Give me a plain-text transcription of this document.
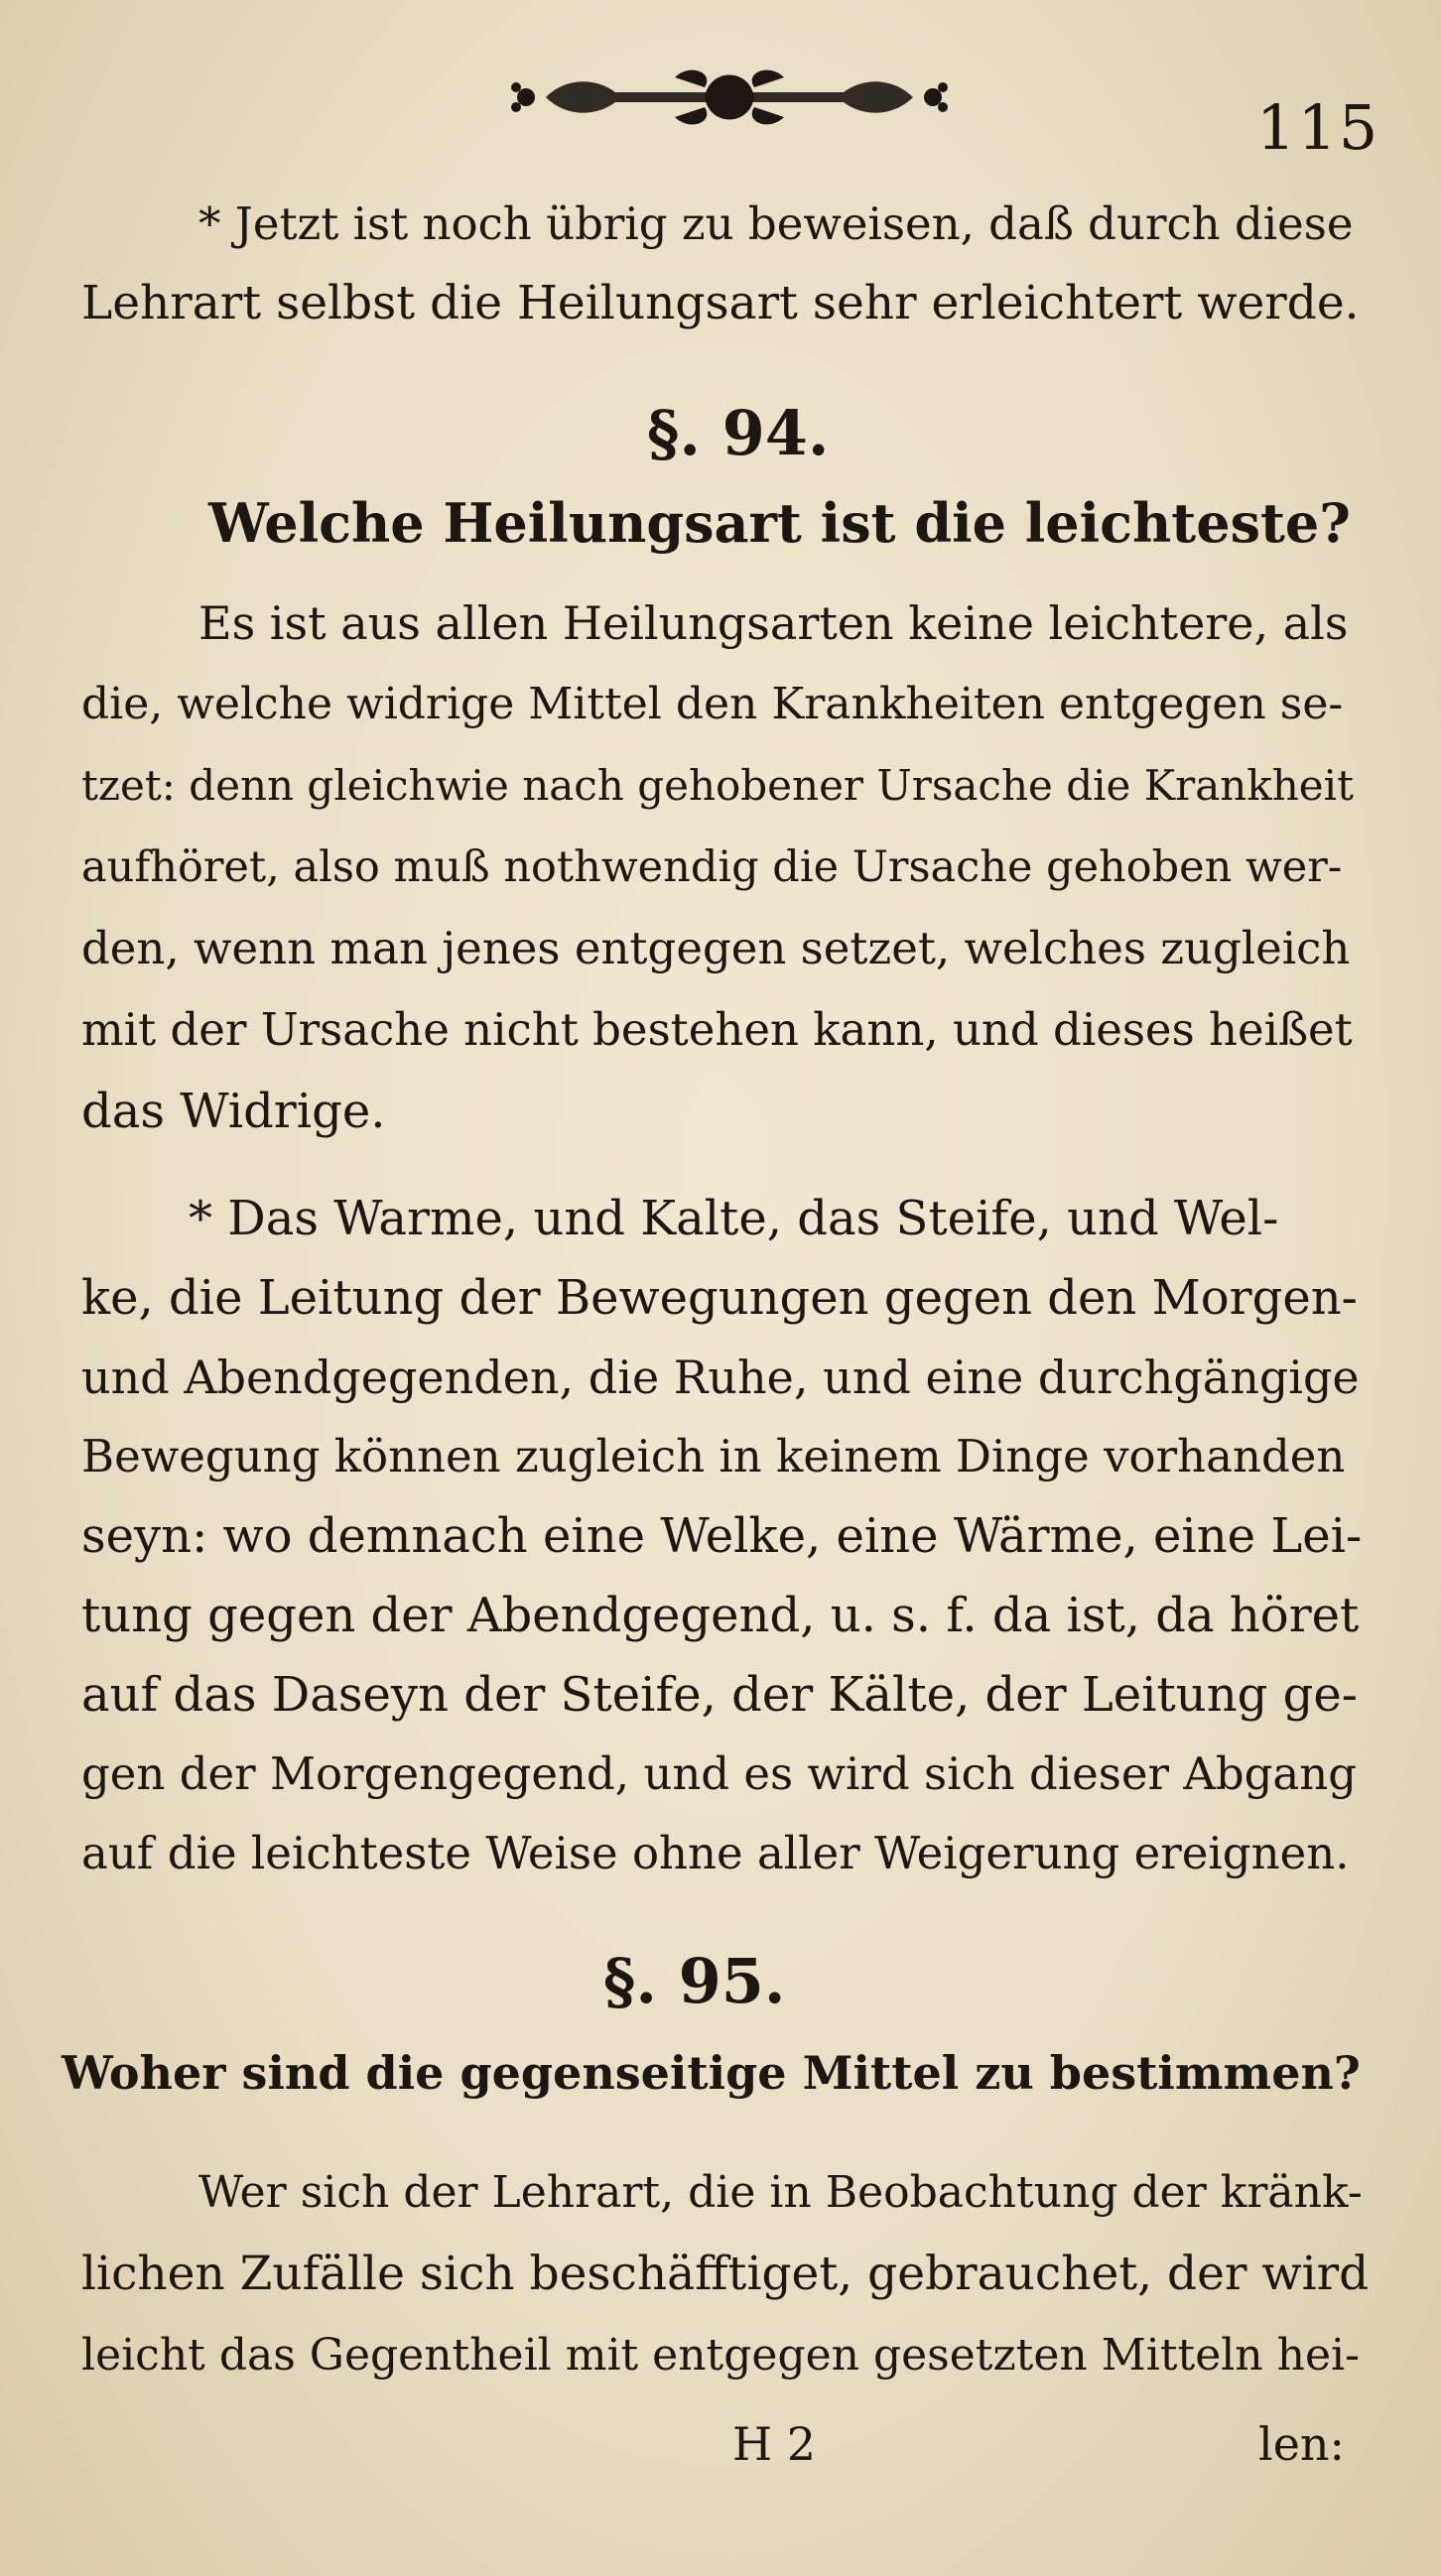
115
* Jetzt ist noch übrig zu beweisen, daß durch diese
Lehrart selbst die Heilungsart sehr erleichtert werde.
§. 94.
Welche Heilungsart ist die leichteste?
Es ist aus allen Heilungsarten keine leichtere, als
die, welche widrige Mittel den Krankheiten entgegen se-
tzet: denn gleichwie nach gehobener Ursache die Krankheit
aufhöret, also muß nothwendig die Ursache gehoben wer-
den, wenn man jenes entgegen setzet, welches zugleich
mit der Ursache nicht bestehen kann, und dieses heißet
das Widrige.
* Das Warme, und Kalte, das Steife, und Wel-
ke, die Leitung der Bewegungen gegen den Morgen-
und Abendgegenden, die Ruhe, und eine durchgängige
Bewegung können zugleich in keinem Dinge vorhanden
seyn: wo demnach eine Welke, eine Wärme, eine Lei-
tung gegen der Abendgegend, u. s. f. da ist, da höret
auf das Daseyn der Steife, der Kälte, der Leitung ge-
gen der Morgengegend, und es wird sich dieser Abgang
auf die leichteste Weise ohne aller Weigerung ereignen.
§. 95.
Woher sind die gegenseitige Mittel zu bestimmen?
Wer sich der Lehrart, die in Beobachtung der kränk-
lichen Zufälle sich beschäfftiget, gebrauchet, der wird
leicht das Gegentheil mit entgegen gesetzten Mitteln hei-
H 2	len:
